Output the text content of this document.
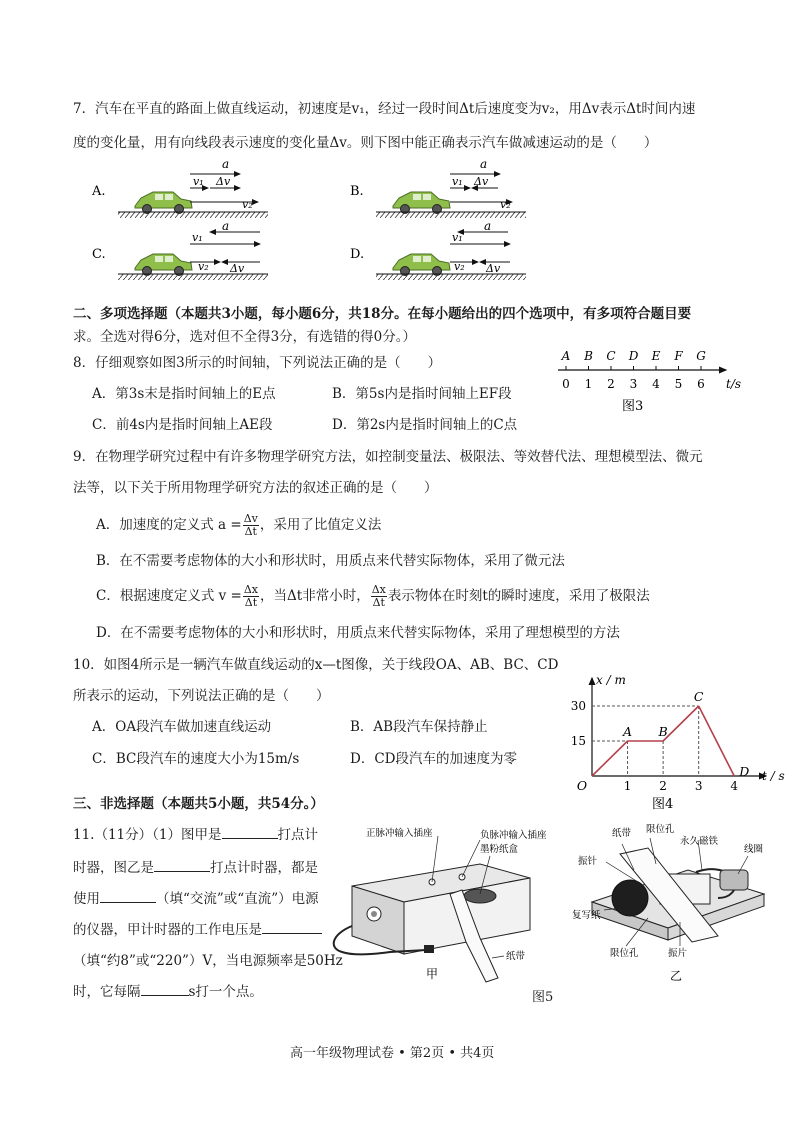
7．汽车在平直的路面上做直线运动，初速度是v₁，经过一段时间Δt后速度变为v₂，用Δv表示Δt时间内速
度的变化量，用有向线段表示速度的变化量Δv。则下图中能正确表示汽车做减速运动的是（　　）
A.
a
v₁ Δv
v₂
B.
a
v₁ Δv
v₂
C.
a
v₁
v₂ Δv
D.
a
v₁
v₂ Δv
二、多项选择题（本题共3小题，每小题6分，共18分。在每小题给出的四个选项中，有多项符合题目要
求。全选对得6分，选对但不全得3分，有选错的得0分。）
8．仔细观察如图3所示的时间轴，下列说法正确的是（　　）
A．第3s末是指时间轴上的E点	B．第5s内是指时间轴上EF段
C．前4s内是指时间轴上AE段	D．第2s内是指时间轴上的C点
0
A
1
B
2
C
3
D
4
E
5
F
6
G
t/s
图3
9．在物理学研究过程中有许多物理学研究方法，如控制变量法、极限法、等效替代法、理想模型法、微元
法等，以下关于所用物理学研究方法的叙述正确的是（　　）
A．加速度的定义式 $a = \frac{\Delta v}{\Delta t}$ ，采用了比值定义法
B．在不需要考虑物体的大小和形状时，用质点来代替实际物体，采用了微元法
C．根据速度定义式 $v = \frac{\Delta x}{\Delta t}$ ，当Δt非常小时， $\frac{\Delta x}{\Delta t}$ 表示物体在时刻t的瞬时速度，采用了极限法
D．在不需要考虑物体的大小和形状时，用质点来代替实际物体，采用了理想模型的方法
10．如图4所示是一辆汽车做直线运动的x—t图像，关于线段OA、AB、BC、CD
所表示的运动，下列说法正确的是（　　）
A．OA段汽车做加速直线运动	B．AB段汽车保持静止
C．BC段汽车的速度大小为15m/s	D．CD段汽车的加速度为零
t / s
x / m
1 2 3 4
15
30
O
A B
C
D
图4
三、非选择题（本题共5小题，共54分。）
11.（11分）（1）图甲是	打点计
时器，图乙是	打点计时器，都是
使用	（填“交流”或“直流”）电源
的仪器，甲计时器的工作电压是
（填“约8”或“220”）V，当电源频率是50Hz
时，它每隔	s打一个点。
正脉冲输入插座	负脉冲输入插座
墨粉纸盒
纸带
甲
纸带 限位孔
永久磁铁
振针
线圈
复写纸
限位孔	振片
乙
图5
高一年级物理试卷 • 第2页 • 共4页
